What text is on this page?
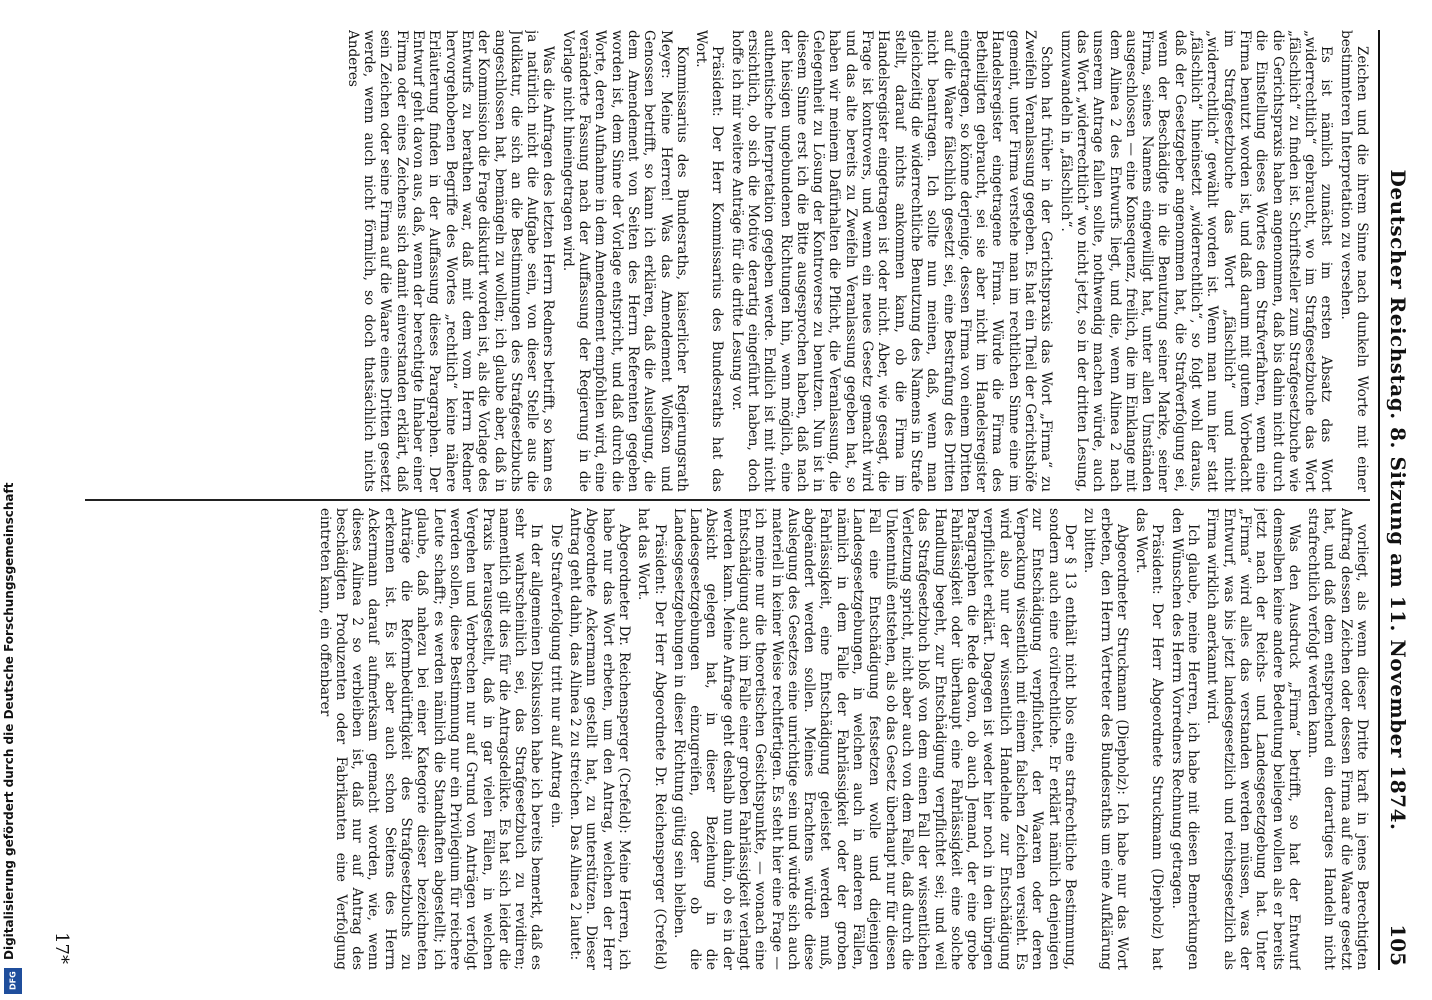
Deutscher Reichstag. 8. Sitzung am 11. November 1874.
105

Zeichen und die ihrem Sinne nach dunkeln Worte mit einer bestimmteren Interpretation zu versehen.

Es ist nämlich zunächst im ersten Absatz das Wort „widerrechtlich“ gebraucht, wo im Strafgesetzbuche das Wort „fälschlich“ zu finden ist. Schriftsteller zum Strafgesetzbuche wie die Gerichtspraxis haben angenommen, daß bis dahin nicht durch die Einstellung dieses Wortes dem Strafverfahren, wenn eine Firma benutzt worden ist, und daß darum mit gutem Vorbedacht im Strafgesetzbuche das Wort „fälschlich“ und nicht „widerrechtlich“ gewählt worden ist. Wenn man nun hier statt „fälschlich“ hineinsetzt „widerrechtlich“, so folgt wohl daraus, daß der Gesetzgeber angenommen hat, die Strafverfolgung sei, wenn der Beschädigte in die Benutzung seiner Marke, seiner Firma, seines Namens eingewilligt hat, unter allen Umständen ausgeschlossen — eine Konsequenz, freilich, die im Einklange mit dem Alinea 2 des Entwurfs liegt, und die, wenn Alinea 2 nach unserem Antrage fallen sollte, nothwendig machen würde, auch das Wort „widerrechtlich“ wo nicht jetzt, so in der dritten Lesung, umzuwandeln in „fälschlich“.

Schon hat früher in der Gerichtspraxis das Wort „Firma“ zu Zweifeln Veranlassung gegeben. Es hat ein Theil der Gerichtshöfe gemeint, unter Firma verstehe man im rechtlichen Sinne eine im Handelsregister eingetragene Firma. Würde die Firma des Betheiligten gebraucht, sei sie aber nicht im Handelsregister eingetragen, so könne derjenige, dessen Firma von einem Dritten auf die Waare fälschlich gesetzt sei, eine Bestrafung des Dritten nicht beantragen. Ich sollte nun meinen, daß, wenn man gleichzeitig die widerrechtliche Benutzung des Namens in Strafe stellt, darauf nichts ankommen kann, ob die Firma im Handelsregister eingetragen ist oder nicht. Aber, wie gesagt, die Frage ist kontrovers, und wenn ein neues Gesetz gemacht wird und das alte bereits zu Zweifeln Veranlassung gegeben hat, so haben wir meinem Dafürhalten die Pflicht, die Veranlassung, die Gelegenheit zu Lösung der Kontroverse zu benutzen. Nun ist in diesem Sinne erst ich die Bitte ausgesprochen haben, daß nach der hiesigen ungebundenen Richtungen hin, wenn möglich, eine authentische Interpretation gegeben werde. Endlich ist mit nicht ersichtlich, ob sich die Motive derartig eingeführt haben, doch hoffe ich mir weitere Anträge für die dritte Lesung vor.

Präsident: Der Herr Kommissarius des Bundesraths hat das Wort.

Kommissarius des Bundesraths, kaiserlicher Regierungsrath Meyer: Meine Herren! Was das Amendement Wolffson und Genossen betrifft, so kann ich erklären, daß die Auslegung, die dem Amendement von Seiten des Herrn Referenten gegeben worden ist, dem Sinne der Vorlage entspricht, und daß durch die Worte, deren Aufnahme in dem Amendement empfohlen wird, eine veränderte Fassung nach der Auffassung der Regierung in die Vorlage nicht hineingetragen wird.

Was die Anfragen des letzten Herrn Redners betrifft, so kann es ja natürlich nicht die Aufgabe sein, von dieser Stelle aus die Judikatur, die sich an die Bestimmungen des Strafgesetzbuchs angeschlossen hat, bemängeln zu wollen; ich glaube aber, daß in der Kommission die Frage diskutirt worden ist, als die Vorlage des Entwurfs zu berathen war, daß mit dem vom Herrn Redner hervorgehobenen Begriffe des Wortes „rechtlich“ keine nähere Erläuterung finden in der Auffassung dieses Paragraphen. Der Entwurf geht davon aus, daß, wenn der berechtigte Inhaber einer Firma oder eines Zeichens sich damit einverstanden erklärt, daß sein Zeichen oder seine Firma auf die Waare eines Dritten gesetzt werde, wenn auch nicht förmlich, so doch thatsächlich nichts Anderes

vorliegt, als wenn dieser Dritte kraft in jenes Berechtigten Auftrag dessen Zeichen oder dessen Firma auf die Waare gesetzt hat, und daß dem entsprechend ein derartiges Handeln nicht strafrechtlich verfolgt werden kann.

Was den Ausdruck „Firma“ betrifft, so hat der Entwurf demselben keine andere Bedeutung beilegen wollen als er bereits jetzt nach der Reichs- und Landesgesetzgebung hat. Unter „Firma“ wird alles das verstanden werden müssen, was der Entwurf, was bis jetzt landesgesetzlich und reichsgesetzlich als Firma wirklich anerkannt wird.

Ich glaube, meine Herren, ich habe mit diesen Bemerkungen den Wünschen des Herrn Vorredners Rechnung getragen.

Präsident: Der Herr Abgeordnete Struckmann (Diepholz) hat das Wort.

Abgeordneter Struckmann (Diepholz): Ich habe nur das Wort erbeten, den Herrn Vertreter des Bundesraths um eine Aufklärung zu bitten.

Der § 13 enthält nicht blos eine strafrechtliche Bestimmung, sondern auch eine civilrechtliche. Er erklärt nämlich denjenigen zur Entschädigung verpflichtet, der Waaren oder deren Verpackung wissentlich mit einem falschen Zeichen versieht. Es wird also nur der wissentlich Handelnde zur Entschädigung verpflichtet erklärt. Dagegen ist weder hier noch in den übrigen Paragraphen die Rede davon, ob auch Jemand, der eine grobe Fahrlässigkeit oder überhaupt eine Fahrlässigkeit eine solche Handlung begeht, zur Entschädigung verpflichtet sei; und weil das Strafgesetzbuch bloß von dem einen Fall der wissentlichen Verletzung spricht, nicht aber auch von dem Falle, daß durch die Unkenntniß entstehen, als ob das Gesetz überhaupt nur für diesen Fall eine Entschädigung festsetzen wolle und diejenigen Landesgesetzgebungen, in welchen auch in anderen Fällen, nämlich in dem Falle der Fahrlässigkeit oder der groben Fahrlässigkeit, eine Entschädigung geleistet werden muß, abgeändert werden sollen. Meines Erachtens würde diese Auslegung des Gesetzes eine unrichtige sein und würde sich auch materiell in keiner Weise rechtfertigen. Es steht hier eine Frage — ich meine nur die theoretischen Gesichtspunkte, — wonach eine Entschädigung auch im Falle einer groben Fahrlässigkeit verlangt werden kann. Meine Anfrage geht deshalb nun dahin, ob es in der Absicht gelegen hat, in dieser Beziehung in die Landesgesetzgebungen einzugreifen, oder ob die Landesgesetzgebungen in dieser Richtung gültig sein bleiben.

Präsident: Der Herr Abgeordnete Dr. Reichensperger (Crefeld) hat das Wort.

Abgeordneter Dr. Reichensperger (Crefeld): Meine Herren, ich habe nur das Wort erbeten, um den Antrag, welchen der Herr Abgeordnete Ackermann gestellt hat, zu unterstützen. Dieser Antrag geht dahin, das Alinea 2 zu streichen. Das Alinea 2 lautet:

Die Strafverfolgung tritt nur auf Antrag ein.

In der allgemeinen Diskussion habe ich bereits bemerkt, daß es sehr wahrscheinlich sei, das Strafgesetzbuch zu revidiren; namentlich gilt dies für die Antragsdelikte. Es hat sich leider die Praxis herausgestellt, daß in gar vielen Fällen, in welchen Vergehen und Verbrechen nur auf Grund von Anträgen verfolgt werden sollen, diese Bestimmung nur ein Privilegium für reichere Leute schafft; es werden nämlich die Standhaften abgestellt; ich glaube, daß nahezu bei einer Kategorie dieser bezeichneten Anträge die Reformbedürftigkeit des Strafgesetzbuchs zu erkennen ist. Es ist aber auch schon Seitens des Herrn Ackermann darauf aufmerksam gemacht worden, wie, wenn dieses Alinea 2 so verbleiben ist, daß nur auf Antrag des beschädigten Produzenten oder Fabrikanten eine Verfolgung eintreten kann, ein offenbarer

17*
Digitalisierung gefördert durch die Deutsche Forschungsgemeinschaft
DFG
